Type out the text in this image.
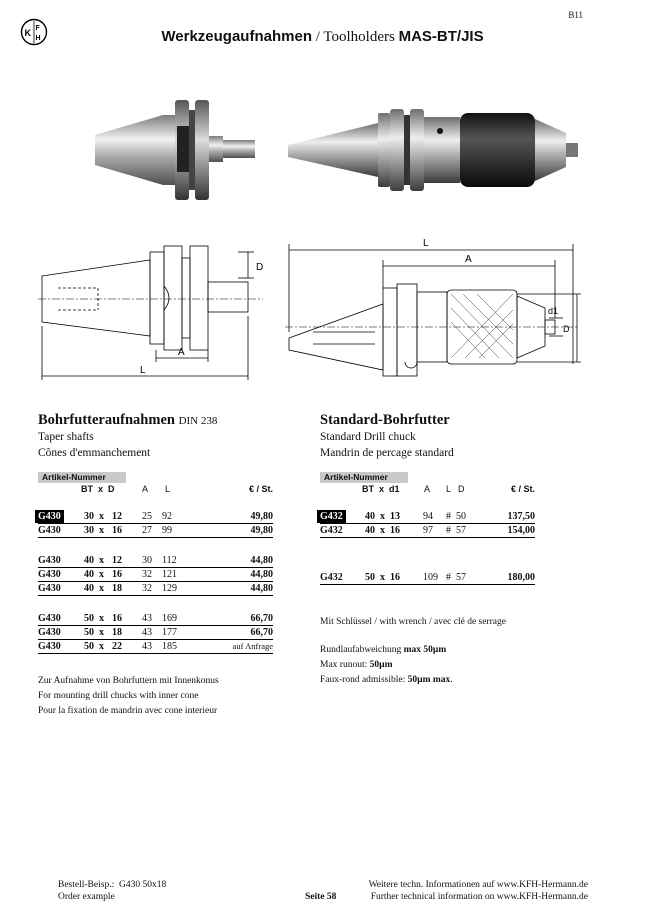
K F
H
B11
Werkzeugaufnahmen / Toolholders MAS-BT/JIS
A
L
D
L
A
d1
D
Bohrfutteraufnahmen DIN 238
Taper shafts
Cônes d'emmanchement
Artikel-Nummer
BT  x  D	A L	€ / St.
G430	30  x 12 25 92	49,80
G430 30  x 16 27 99	49,80
G430 40  x 12 30 112	44,80
G430 40  x 16 32 121	44,80
G430 40  x 18 32 129	44,80
G430 50  x 16 43 169	66,70
G430 50  x 18 43 177	66,70
G430 50  x 22 43 185	auf Anfrage
Zur Aufnahme von Bohrfuttern mit Innenkonus
For mounting drill chucks with inner cone
Pour la fixation de mandrin avec cone interieur
Standard-Bohrfutter
Standard Drill chuck
Mandrin de percage standard
Artikel-Nummer
BT  x  d1	A L D	€ / St.
G432	40  x 13 94 # 50	137,50
G432 40  x 16 97 # 57	154,00
G432 50  x 16 109 # 57	180,00
Mit Schlüssel / with wrench / avec clé de serrage
Rundlaufabweichung max 50µm
Max runout: 50µm
Faux-rond admissible: 50µm max.
Bestell-Beisp.:  G430 50x18
Order example	Seite 58
Weitere techn. Informationen auf www.KFH-Hermann.de
Further technical information on www.KFH-Hermann.de
